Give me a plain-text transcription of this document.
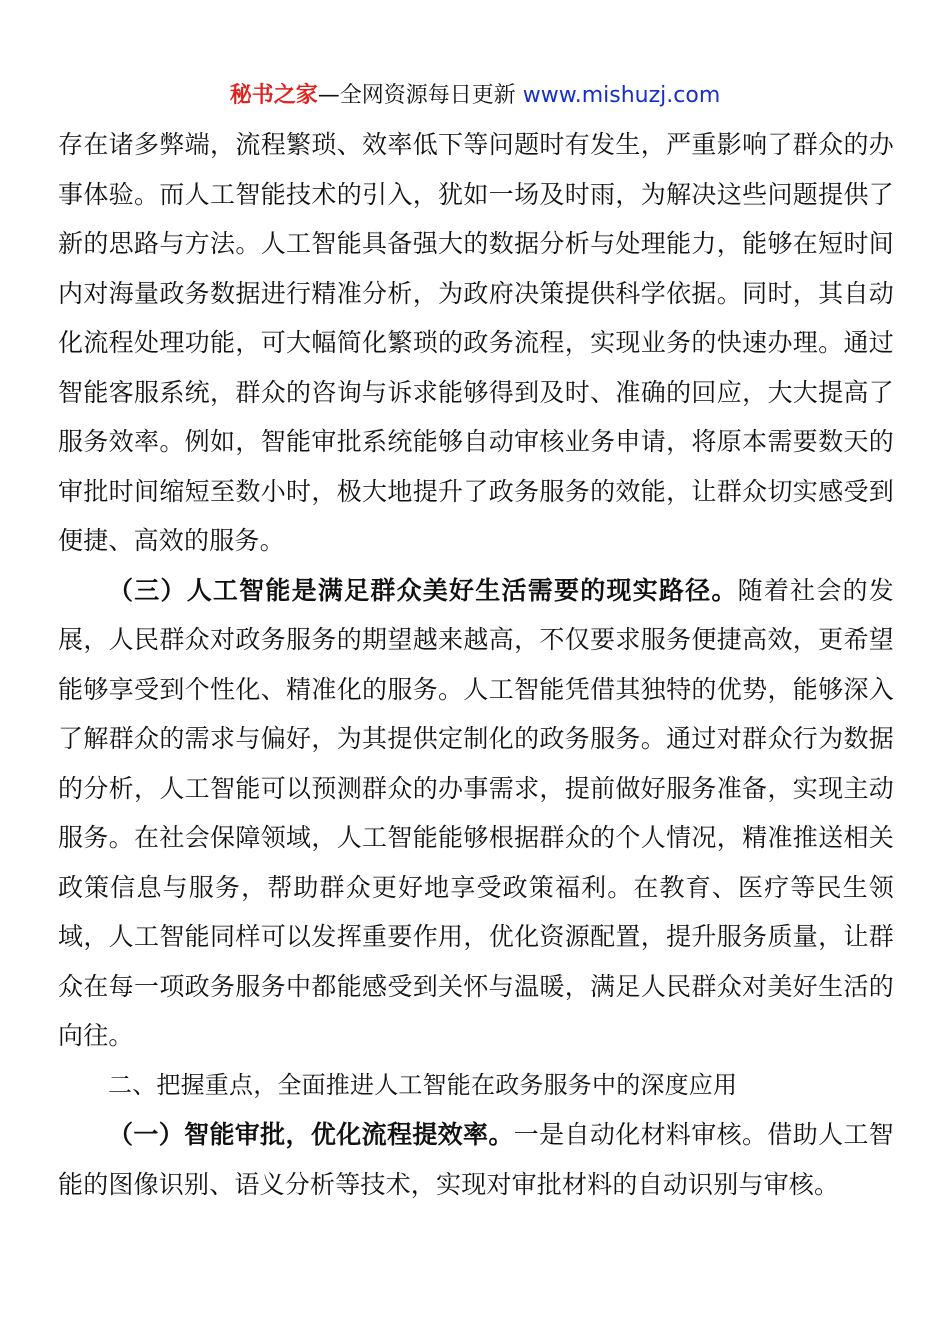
秘书之家—全网资源每日更新 www.mishuzj.com

存在诸多弊端，流程繁琐、效率低下等问题时有发生，严重影响了群众的办事体验。而人工智能技术的引入，犹如一场及时雨，为解决这些问题提供了新的思路与方法。人工智能具备强大的数据分析与处理能力，能够在短时间内对海量政务数据进行精准分析，为政府决策提供科学依据。同时，其自动化流程处理功能，可大幅简化繁琐的政务流程，实现业务的快速办理。通过智能客服系统，群众的咨询与诉求能够得到及时、准确的回应，大大提高了服务效率。例如，智能审批系统能够自动审核业务申请，将原本需要数天的审批时间缩短至数小时，极大地提升了政务服务的效能，让群众切实感受到便捷、高效的服务。

（三）人工智能是满足群众美好生活需要的现实路径。随着社会的发展，人民群众对政务服务的期望越来越高，不仅要求服务便捷高效，更希望能够享受到个性化、精准化的服务。人工智能凭借其独特的优势，能够深入了解群众的需求与偏好，为其提供定制化的政务服务。通过对群众行为数据的分析，人工智能可以预测群众的办事需求，提前做好服务准备，实现主动服务。在社会保障领域，人工智能能够根据群众的个人情况，精准推送相关政策信息与服务，帮助群众更好地享受政策福利。在教育、医疗等民生领域，人工智能同样可以发挥重要作用，优化资源配置，提升服务质量，让群众在每一项政务服务中都能感受到关怀与温暖，满足人民群众对美好生活的向往。

二、把握重点，全面推进人工智能在政务服务中的深度应用

（一）智能审批，优化流程提效率。一是自动化材料审核。借助人工智能的图像识别、语义分析等技术，实现对审批材料的自动识别与审核。
